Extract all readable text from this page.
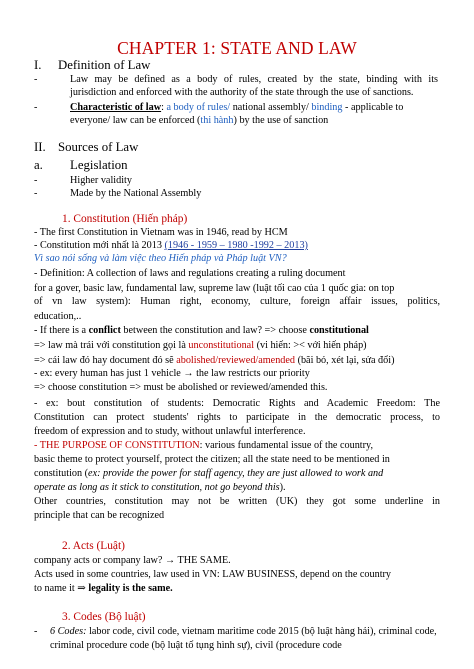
CHAPTER 1: STATE AND LAW
I. Definition of Law
-	Law may be defined as a body of rules, created by the state, binding with its
jurisdiction and enforced with the authority of the state through the use of sanctions.
-	Characteristic of law: a body of rules/ national assembly/ binding - applicable to
everyone/ law can be enforced (thi hành) by the use of sanction
II. Sources of Law
a. Legislation
-	Higher validity
-	Made by the National Assembly
1. Constitution (Hiến pháp)
- The first Constitution in Vietnam was in 1946, read by HCM
- Constitution mới nhất là 2013 (1946 - 1959 – 1980 -1992 – 2013)
Vì sao nói sống và làm việc theo Hiến pháp và Pháp luật VN?
- Definition: A collection of laws and regulations creating a ruling document
for a gover, basic law, fundamental law, supreme law (luật tối cao của 1 quốc gia: on top
of vn law system): Human right, economy, culture, foreign affair issues, politics,
education,..
- If there is a conflict between the constitution and law? => choose constitutional
=> law mà trái với constitution gọi là unconstitutional (vi hiến: >< với hiến pháp)
=> cái law đó hay document đó sẽ abolished/reviewed/amended (bãi bỏ, xét lại, sửa đổi)
- ex: every human has just 1 vehicle → the law restricts our priority
=> choose constitution => must be abolished or reviewed/amended this.
- ex: bout constitution of students: Democratic Rights and Academic Freedom: The
Constitution can protect students' rights to participate in the democratic process, to
freedom of expression and to study, without unlawful interference.
- THE PURPOSE OF CONSTITUTION: various fundamental issue of the country,
basic theme to protect yourself, protect the citizen; all the state need to be mentioned in
constitution (ex: provide the power for staff agency, they are just allowed to work and
operate as long as it stick to constitution, not go beyond this).
Other countries, constitution may not be written (UK) they got some underline in
principle that can be recognized
2. Acts (Luật)
company acts or company law? → THE SAME.
Acts used in some countries, law used in VN: LAW BUSINESS, depend on the country
to name it ⇒ legality is the same.
3. Codes (Bộ luật)
- 6 Codes: labor code, civil code, vietnam maritime code 2015 (bộ luật hàng hải), criminal code,
criminal procedure code (bộ luật tố tụng hình sự), civil (procedure code
